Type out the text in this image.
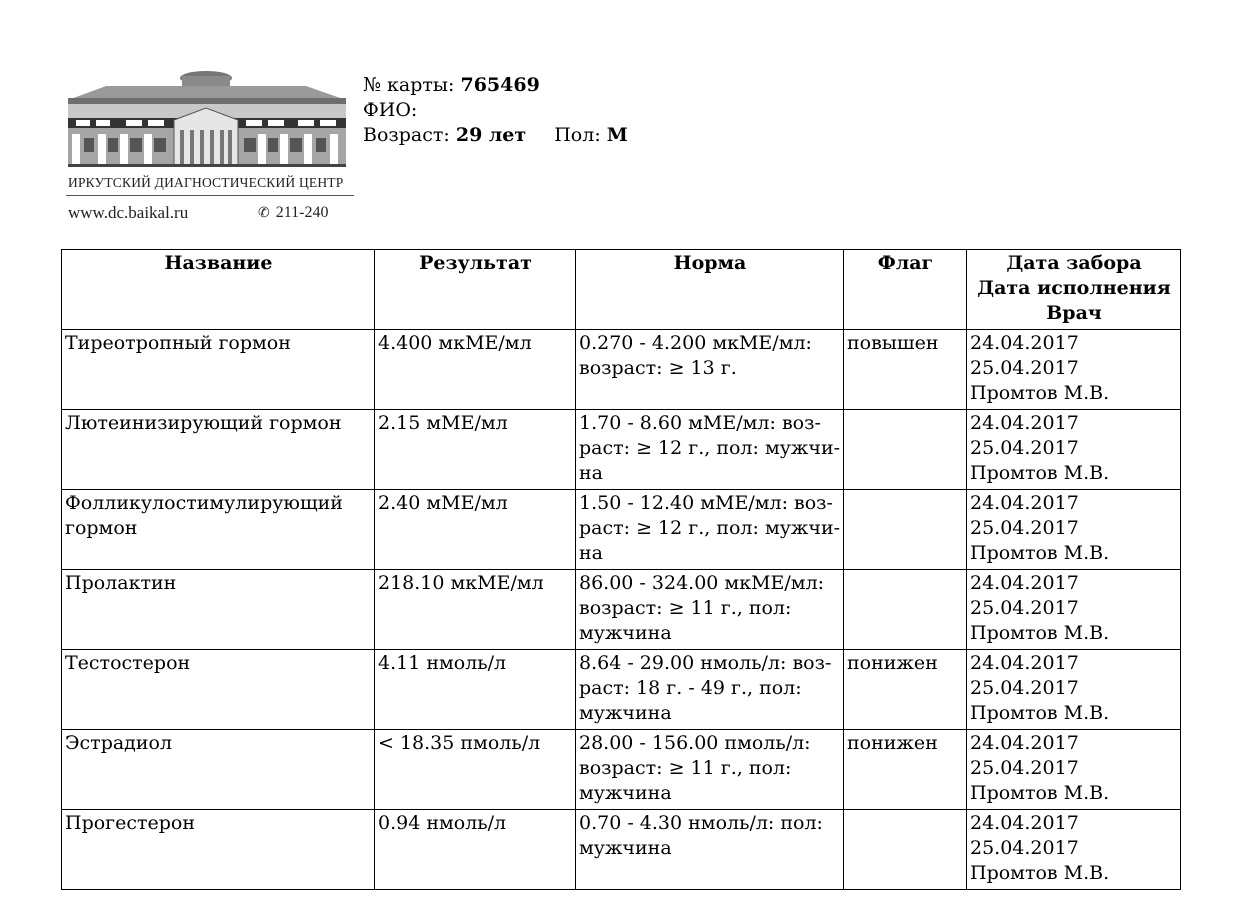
ИРКУТСКИЙ ДИАГНОСТИЧЕСКИЙ ЦЕНТР
www.dc.baikal.ru	✆ 211-240
№ карты: 765469
ФИО:
Возраст: 29 лет Пол: М
Название	Результат	Норма	Флаг	Дата забора
Дата исполнения
Врач

Тиреотропный гормон	4.400 мкМЕ/мл	0.270 - 4.200 мкМЕ/мл: возраст: ≥ 13 г.	повышен	24.04.2017
25.04.2017
Промтов М.В.

Лютеинизирующий гормон	2.15 мМЕ/мл	1.70 - 8.60 мМЕ/мл: возраст: ≥ 12 г., пол: мужчина		24.04.2017
25.04.2017
Промтов М.В.

Фолликулостимулирующий гормон	2.40 мМЕ/мл	1.50 - 12.40 мМЕ/мл: возраст: ≥ 12 г., пол: мужчина		24.04.2017
25.04.2017
Промтов М.В.

Пролактин	218.10 мкМЕ/мл	86.00 - 324.00 мкМЕ/мл: возраст: ≥ 11 г., пол: мужчина		24.04.2017
25.04.2017
Промтов М.В.

Тестостерон	4.11 нмоль/л	8.64 - 29.00 нмоль/л: возраст: 18 г. - 49 г., пол: мужчина	понижен	24.04.2017
25.04.2017
Промтов М.В.

Эстрадиол	< 18.35 пмоль/л	28.00 - 156.00 пмоль/​л: возраст: ≥ 11 г., пол: мужчина	понижен	24.04.2017
25.04.2017
Промтов М.В.

Прогестерон	0.94 нмоль/л	0.70 - 4.30 нмоль/л: пол: мужчина		24.04.2017
25.04.2017
Промтов М.В.
